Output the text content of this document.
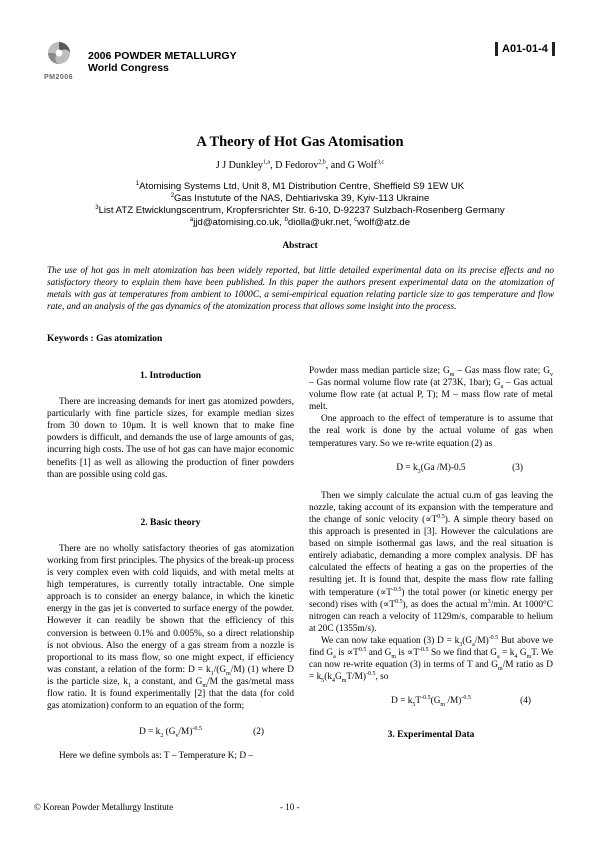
PM2006
2006 POWDER METALLURGY
World Congress
A01-01-4
A Theory of Hot Gas Atomisation
J J Dunkley$^{1,a}$, D Fedorov$^{2,b}$, and G Wolf$^{3,c}$
$^1$Atomising Systems Ltd, Unit 8, M1 Distribution Centre, Sheffield S9 1EW UK
$^2$Gas Instutute of the NAS, Dehtiarivska 39, Kyiv-113 Ukraine
$^3$List ATZ Etwicklungscentrum, Kropfersrichter Str. 6-10, D-92237 Sulzbach-Rosenberg Germany
$^a$jjd@atomising.co.uk, $^b$diolla@ukr.net, $^c$wolf@atz.de
Abstract
The use of hot gas in melt atomization has been widely reported, but little detailed experimental data on its precise effects and no satisfactory theory to explain them have been published. In this paper the authors present experimental data on the atomization of metals with gas at temperatures from ambient to 1000C, a semi-empirical equation relating particle size to gas temperature and flow rate, and an analysis of the gas dynamics of the atomization process that allows some insight into the process.
Keywords : Gas atomization
1. Introduction

There are increasing demands for inert gas atomized powders, particularly with fine particle sizes, for example median sizes from 30 down to 10μm. It is well known that to make fine powders is difficult, and demands the use of large amounts of gas, incurring high costs. The use of hot gas can have major economic benefits [1] as well as allowing the production of finer powders than are possible using cold gas.

2. Basic theory

There are no wholly satisfactory theories of gas atomization working from first principles. The physics of the break-up process is very complex even with cold liquids, and with metal melts at high temperatures, is currently totally intractable. One simple approach is to consider an energy balance, in which the kinetic energy in the gas jet is converted to surface energy of the powder. However it can readily be shown that the efficiency of this conversion is between 0.1% and 0.005%, so a direct relationship is not obvious. Also the energy of a gas stream from a nozzle is proportional to its mass flow, so one might expect, if efficiency was constant, a relation of the form: $D = k_1/(G_m/M)$ (1) where D is the particle size, $k_1$ a constant, and $G_m/M$ the gas/metal mass flow ratio. It is found experimentally [2] that the data (for cold gas atomization) conform to an equation of the form;

$D = k_2$ $(G_v/M)^{-0.5}$	(2)

Here we define symbols as: T – Temperature K; D –

Powder mass median particle size; $G_m$ – Gas mass flow rate; $G_v$ – Gas normal volume flow rate (at 273K, 1bar); $G_a$ – Gas actual volume flow rate (at actual P, T); M – mass flow rate of metal melt.

One approach to the effect of temperature is to assume that the real work is done by the actual volume of gas when temperatures vary. So we re-write equation (2) as

$D = k_3(Ga$ /M)-0.5	(3)

Then we simply calculate the actual cu.m of gas leaving the nozzle, taking account of its expansion with the temperature and the change of sonic velocity $(\propto T^{0.5})$. A simple theory based on this approach is presented in [3]. However the calculations are based on simple isothermal gas laws, and the real situation is entirely adiabatic, demanding a more complex analysis. DF has calculated the effects of heating a gas on the properties of the resulting jet. It is found that, despite the mass flow rate falling with temperature $(\propto T^{-0.5})$ the total power (or kinetic energy per second) rises with $(\propto T^{0.5})$, as does the actual $m^3/\min$. At 1000°C nitrogen can reach a velocity of 1129m/s, comparable to helium at 20C (1355m/s).

We can now take equation (3) $D = k_3(G_a/M)^{-0.5}$ But above we find $G_a$ is $\propto T^{0.5}$ and $G_m$ is $\propto T^{-0.5}$ So we find that $G_a = k_4$ $G_mT$. We can now re-write equation (3) in terms of T and $G_m/M$ ratio as $D = k_5(k_4G_mT/M)^{-0.5}$, so

$D = k_5T^{-0.5}(G_m$ /M)$^{-0.5}$	(4)
3. Experimental Data
© Korean Powder Metallurgy Institute	- 10 -
